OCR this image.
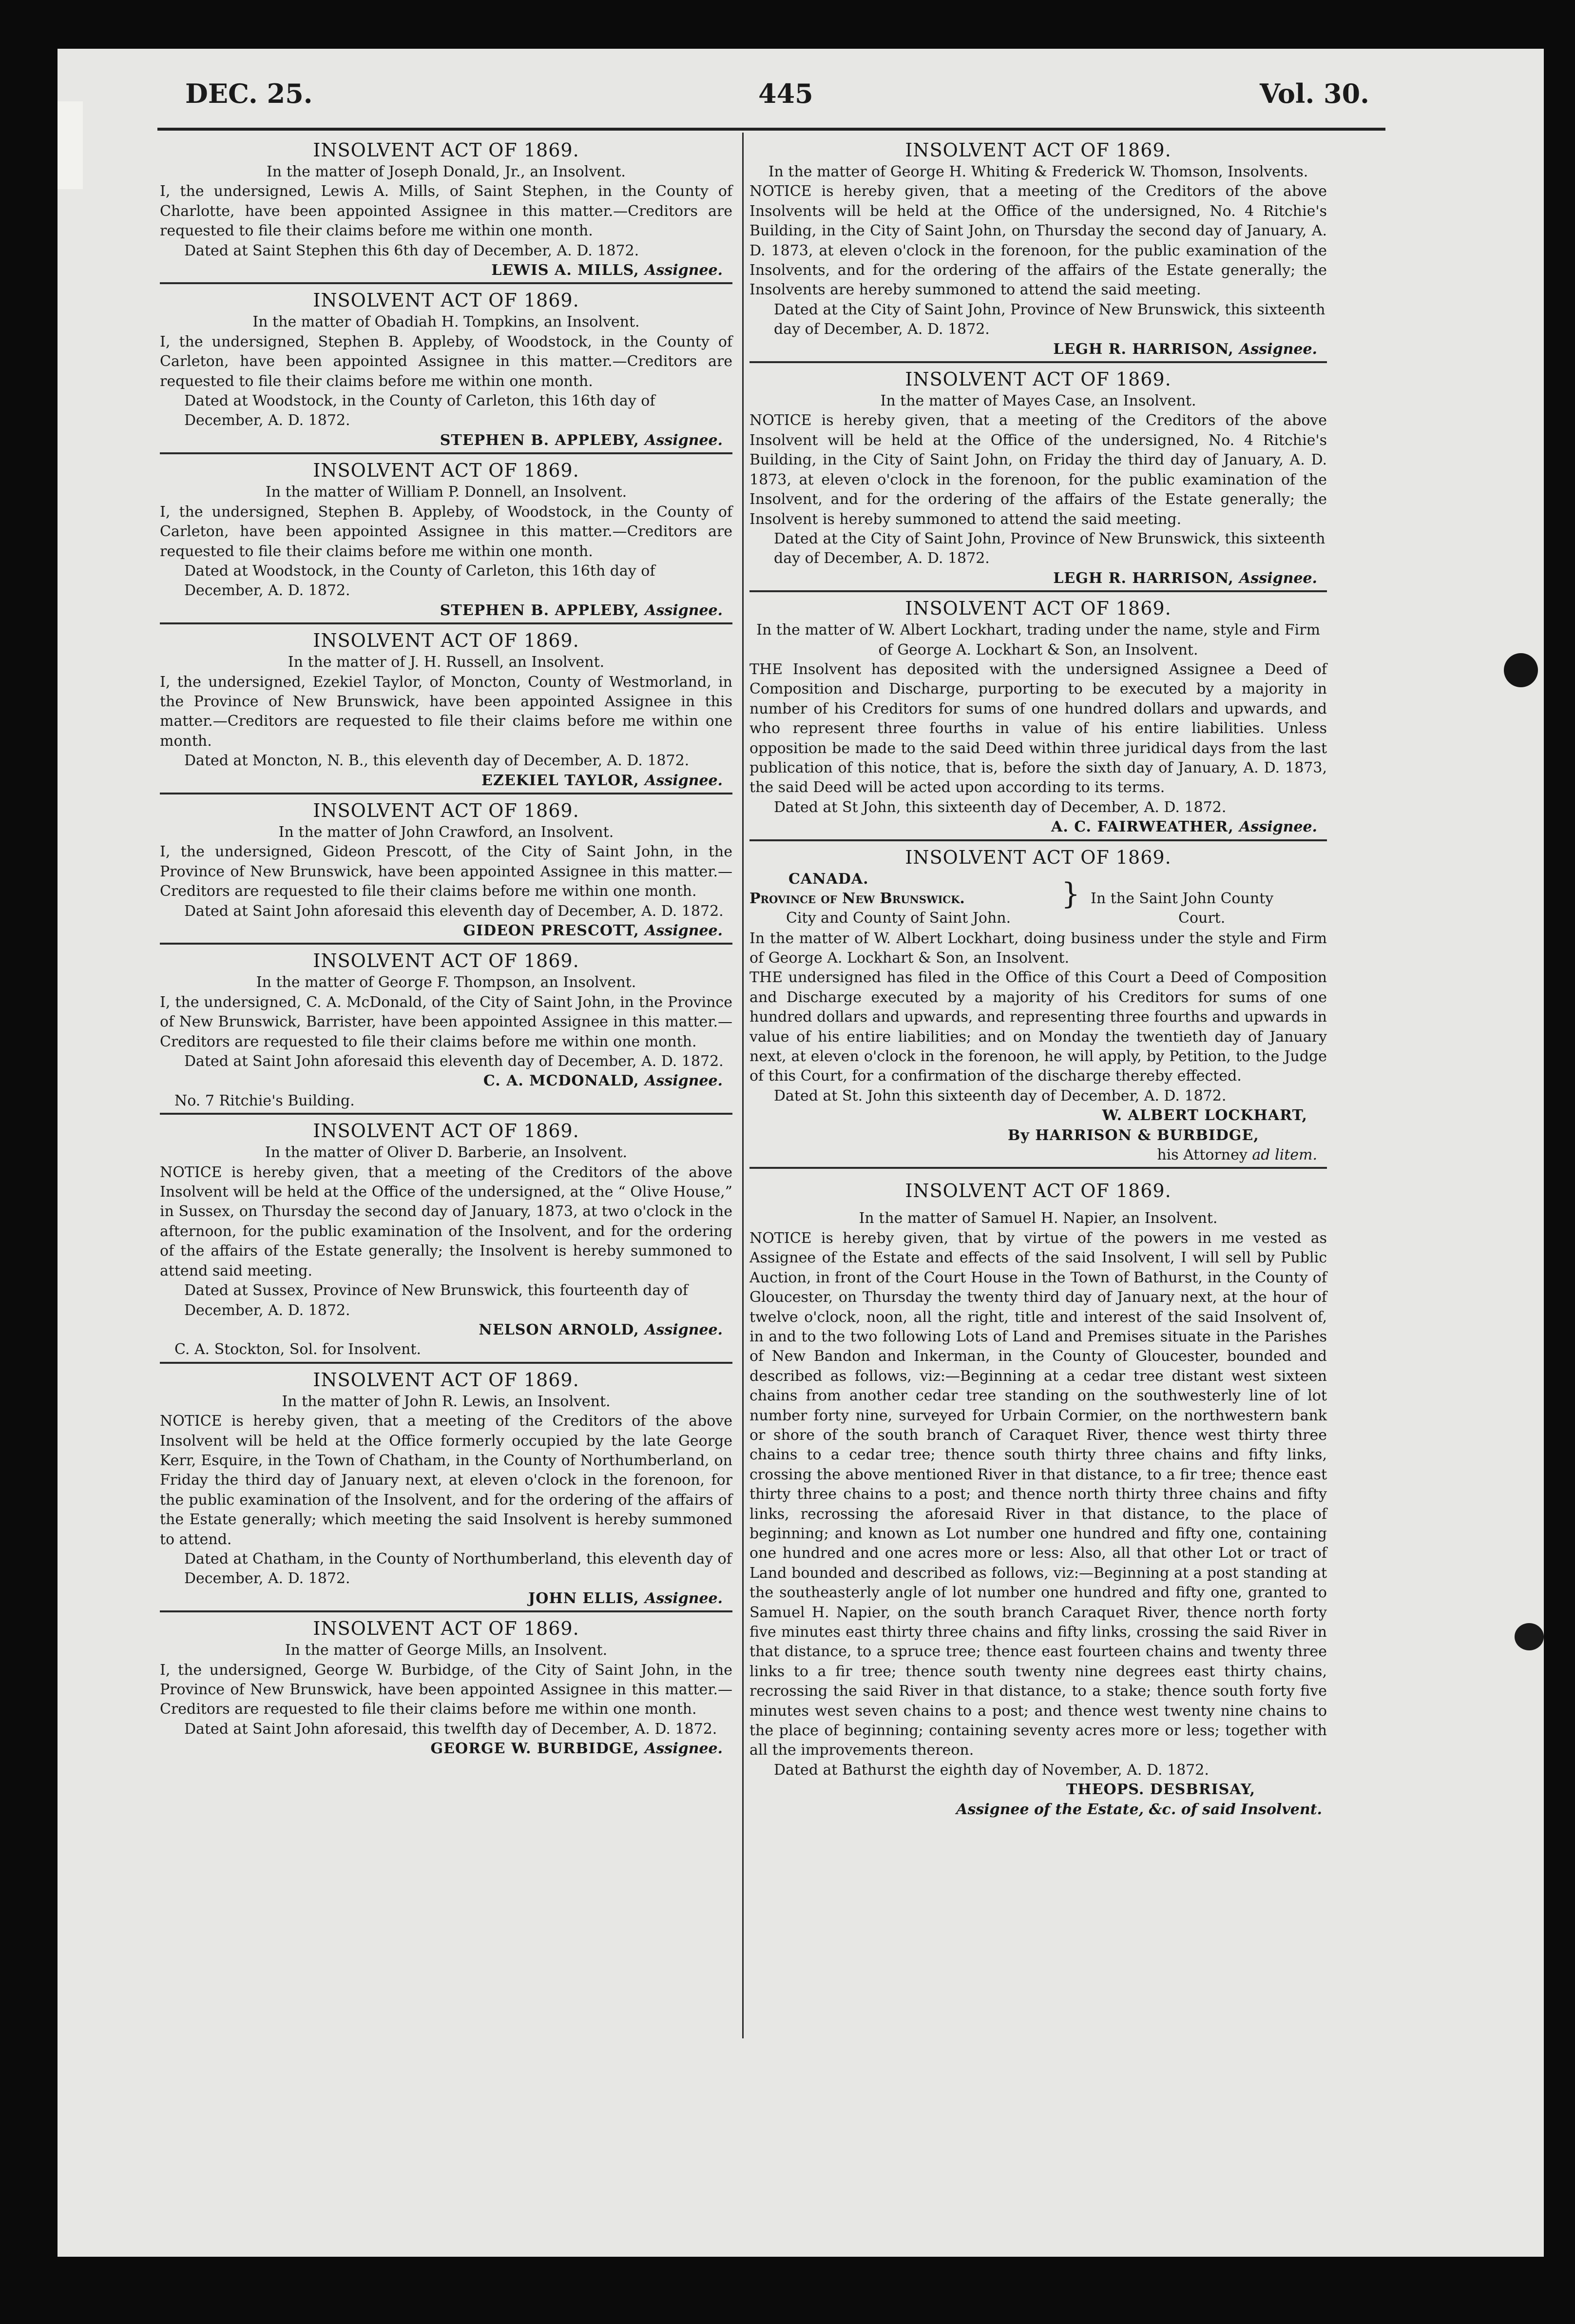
DEC. 25.	445	Vol. 30.
INSOLVENT ACT OF 1869.
In the matter of Joseph Donald, Jr., an Insolvent.

I, the undersigned, Lewis A. Mills, of Saint Stephen, in the County of Charlotte, have been appointed Assignee in this matter.—Creditors are requested to file their claims before me within one month.

Dated at Saint Stephen this 6th day of December, A. D. 1872.
LEWIS A. MILLS, Assignee.
INSOLVENT ACT OF 1869.
In the matter of Obadiah H. Tompkins, an Insolvent.

I, the undersigned, Stephen B. Appleby, of Woodstock, in the County of Carleton, have been appointed Assignee in this matter.—Creditors are requested to file their claims before me within one month.

Dated at Woodstock, in the County of Carleton, this 16th day of December, A. D. 1872.
STEPHEN B. APPLEBY, Assignee.
INSOLVENT ACT OF 1869.
In the matter of William P. Donnell, an Insolvent.

I, the undersigned, Stephen B. Appleby, of Woodstock, in the County of Carleton, have been appointed Assignee in this matter.—Creditors are requested to file their claims before me within one month.

Dated at Woodstock, in the County of Carleton, this 16th day of December, A. D. 1872.
STEPHEN B. APPLEBY, Assignee.
INSOLVENT ACT OF 1869.
In the matter of J. H. Russell, an Insolvent.

I, the undersigned, Ezekiel Taylor, of Moncton, County of Westmorland, in the Province of New Brunswick, have been appointed Assignee in this matter.—Creditors are requested to file their claims before me within one month.

Dated at Moncton, N. B., this eleventh day of December, A. D. 1872.
EZEKIEL TAYLOR, Assignee.
INSOLVENT ACT OF 1869.
In the matter of John Crawford, an Insolvent.

I, the undersigned, Gideon Prescott, of the City of Saint John, in the Province of New Brunswick, have been appointed Assignee in this matter.—Creditors are requested to file their claims before me within one month.

Dated at Saint John aforesaid this eleventh day of December, A. D. 1872.
GIDEON PRESCOTT, Assignee.
INSOLVENT ACT OF 1869.
In the matter of George F. Thompson, an Insolvent.

I, the undersigned, C. A. McDonald, of the City of Saint John, in the Province of New Brunswick, Barrister, have been appointed Assignee in this matter.—Creditors are requested to file their claims before me within one month.

Dated at Saint John aforesaid this eleventh day of December, A. D. 1872.
C. A. MCDONALD, Assignee.
No. 7 Ritchie's Building.
INSOLVENT ACT OF 1869.
In the matter of Oliver D. Barberie, an Insolvent.

NOTICE is hereby given, that a meeting of the Creditors of the above Insolvent will be held at the Office of the undersigned, at the “ Olive House,” in Sussex, on Thursday the second day of January, 1873, at two o'clock in the afternoon, for the public examination of the Insolvent, and for the ordering of the affairs of the Estate generally; the Insolvent is hereby summoned to attend said meeting.

Dated at Sussex, Province of New Brunswick, this fourteenth day of December, A. D. 1872.
NELSON ARNOLD, Assignee.
C. A. Stockton, Sol. for Insolvent.
INSOLVENT ACT OF 1869.
In the matter of John R. Lewis, an Insolvent.

NOTICE is hereby given, that a meeting of the Creditors of the above Insolvent will be held at the Office formerly occupied by the late George Kerr, Esquire, in the Town of Chatham, in the County of Northumberland, on Friday the third day of January next, at eleven o'clock in the forenoon, for the public examination of the Insolvent, and for the ordering of the affairs of the Estate generally; which meeting the said Insolvent is hereby summoned to attend.

Dated at Chatham, in the County of Northumberland, this eleventh day of December, A. D. 1872.
JOHN ELLIS, Assignee.
INSOLVENT ACT OF 1869.
In the matter of George Mills, an Insolvent.

I, the undersigned, George W. Burbidge, of the City of Saint John, in the Province of New Brunswick, have been appointed Assignee in this matter.—Creditors are requested to file their claims before me within one month.

Dated at Saint John aforesaid, this twelfth day of December, A. D. 1872.
GEORGE W. BURBIDGE, Assignee.
INSOLVENT ACT OF 1869.
In the matter of George H. Whiting & Frederick W. Thomson, Insolvents.

NOTICE is hereby given, that a meeting of the Creditors of the above Insolvents will be held at the Office of the undersigned, No. 4 Ritchie's Building, in the City of Saint John, on Thursday the second day of January, A. D. 1873, at eleven o'clock in the forenoon, for the public examination of the Insolvents, and for the ordering of the affairs of the Estate generally; the Insolvents are hereby summoned to attend the said meeting.

Dated at the City of Saint John, Province of New Brunswick, this sixteenth day of December, A. D. 1872.
LEGH R. HARRISON, Assignee.
INSOLVENT ACT OF 1869.
In the matter of Mayes Case, an Insolvent.

NOTICE is hereby given, that a meeting of the Creditors of the above Insolvent will be held at the Office of the undersigned, No. 4 Ritchie's Building, in the City of Saint John, on Friday the third day of January, A. D. 1873, at eleven o'clock in the forenoon, for the public examination of the Insolvent, and for the ordering of the affairs of the Estate generally; the Insolvent is hereby summoned to attend the said meeting.

Dated at the City of Saint John, Province of New Brunswick, this sixteenth day of December, A. D. 1872.
LEGH R. HARRISON, Assignee.
INSOLVENT ACT OF 1869.
In the matter of W. Albert Lockhart, trading under the name, style and Firm of George A. Lockhart & Son, an Insolvent.

THE Insolvent has deposited with the undersigned Assignee a Deed of Composition and Discharge, purporting to be executed by a majority in number of his Creditors for sums of one hundred dollars and upwards, and who represent three fourths in value of his entire liabilities. Unless opposition be made to the said Deed within three juridical days from the last publication of this notice, that is, before the sixth day of January, A. D. 1873, the said Deed will be acted upon according to its terms.

Dated at St John, this sixteenth day of December, A. D. 1872.
A. C. FAIRWEATHER, Assignee.
INSOLVENT ACT OF 1869.
CANADA.
Province of New Brunswick.
City and County of Saint John.
} In the Saint John County
Court.
In the matter of W. Albert Lockhart, doing business under the style and Firm of George A. Lockhart & Son, an Insolvent.

THE undersigned has filed in the Office of this Court a Deed of Composition and Discharge executed by a majority of his Creditors for sums of one hundred dollars and upwards, and representing three fourths and upwards in value of his entire liabilities; and on Monday the twentieth day of January next, at eleven o'clock in the forenoon, he will apply, by Petition, to the Judge of this Court, for a confirmation of the discharge thereby effected.

Dated at St. John this sixteenth day of December, A. D. 1872.
W. ALBERT LOCKHART,
By HARRISON & BURBIDGE,
his Attorney ad litem.
INSOLVENT ACT OF 1869.
In the matter of Samuel H. Napier, an Insolvent.

NOTICE is hereby given, that by virtue of the powers in me vested as Assignee of the Estate and effects of the said Insolvent, I will sell by Public Auction, in front of the Court House in the Town of Bathurst, in the County of Gloucester, on Thursday the twenty third day of January next, at the hour of twelve o'clock, noon, all the right, title and interest of the said Insolvent of, in and to the two following Lots of Land and Premises situate in the Parishes of New Bandon and Inkerman, in the County of Gloucester, bounded and described as follows, viz:—Beginning at a cedar tree distant west sixteen chains from another cedar tree standing on the southwesterly line of lot number forty nine, surveyed for Urbain Cormier, on the northwestern bank or shore of the south branch of Caraquet River, thence west thirty three chains to a cedar tree; thence south thirty three chains and fifty links, crossing the above mentioned River in that distance, to a fir tree; thence east thirty three chains to a post; and thence north thirty three chains and fifty links, recrossing the aforesaid River in that distance, to the place of beginning; and known as Lot number one hundred and fifty one, containing one hundred and one acres more or less: Also, all that other Lot or tract of Land bounded and described as follows, viz:—Beginning at a post standing at the southeasterly angle of lot number one hundred and fifty one, granted to Samuel H. Napier, on the south branch Caraquet River, thence north forty five minutes east thirty three chains and fifty links, crossing the said River in that distance, to a spruce tree; thence east fourteen chains and twenty three links to a fir tree; thence south twenty nine degrees east thirty chains, recrossing the said River in that distance, to a stake; thence south forty five minutes west seven chains to a post; and thence west twenty nine chains to the place of beginning; containing seventy acres more or less; together with all the improvements thereon.

Dated at Bathurst the eighth day of November, A. D. 1872.
THEOPS. DESBRISAY,
Assignee of the Estate, &c. of said Insolvent.
